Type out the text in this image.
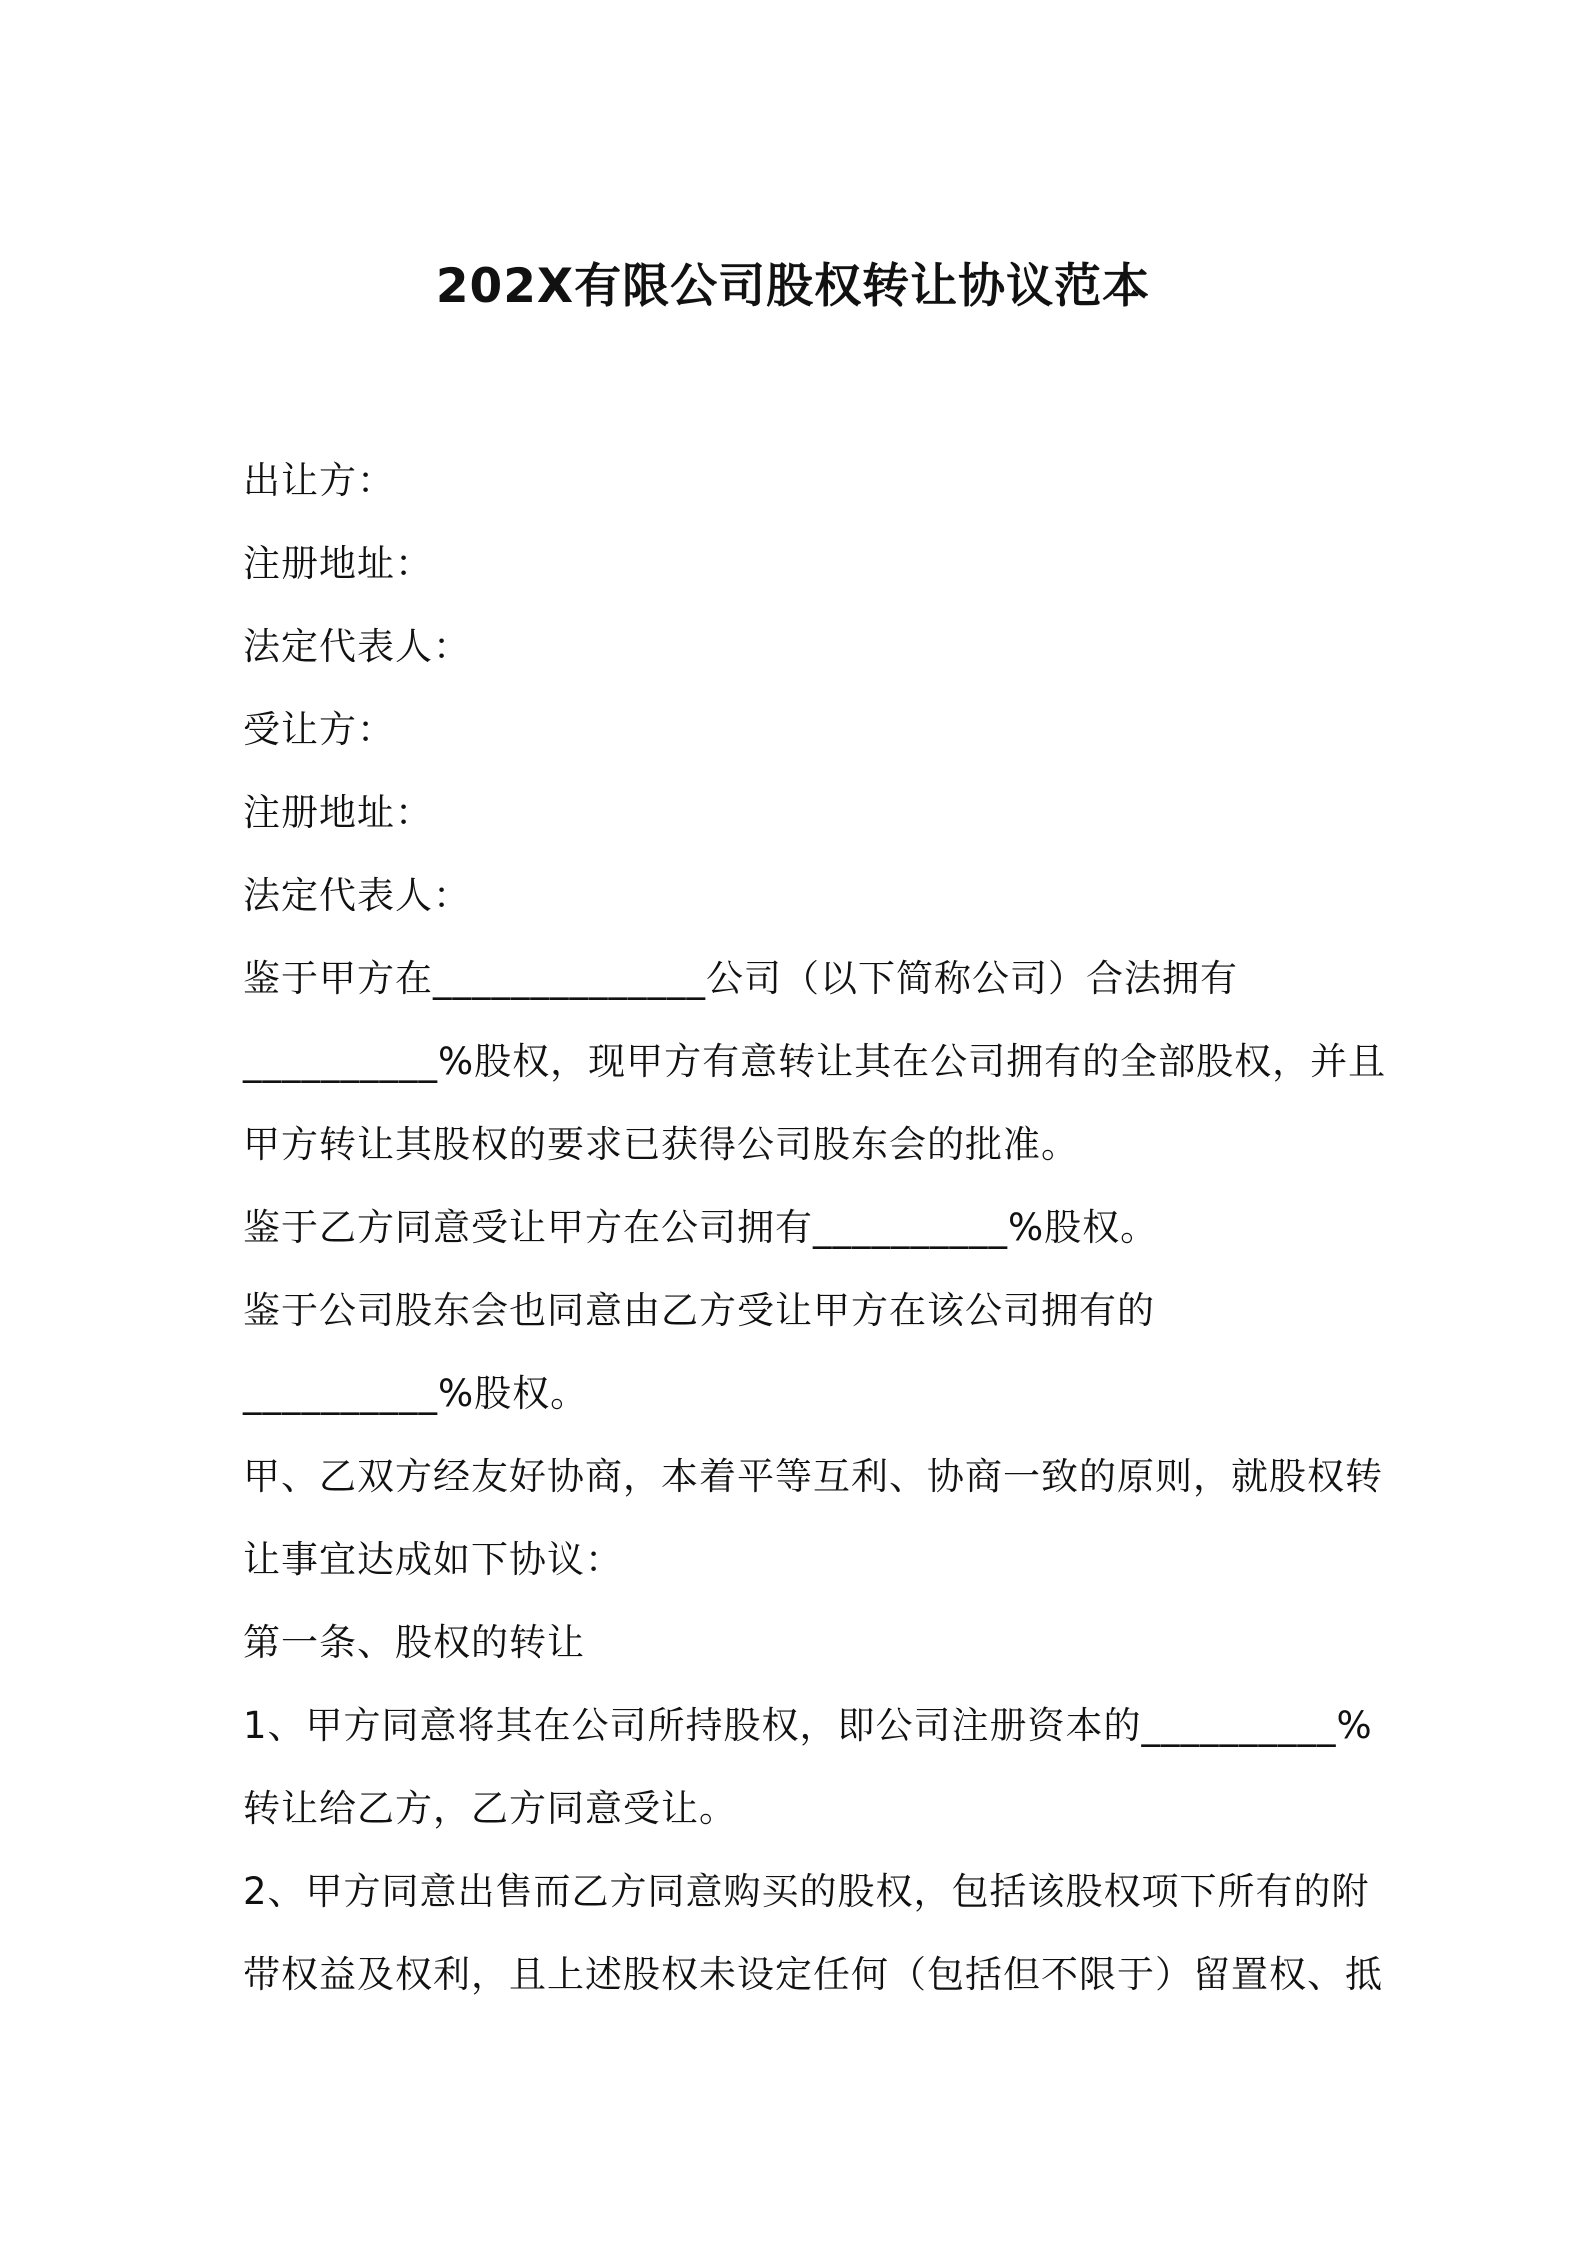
202X有限公司股权转让协议范本
出让方：
注册地址：
法定代表人：
受让方：
注册地址：
法定代表人：
鉴于甲方在______________公司（以下简称公司）合法拥有
__________%股权，现甲方有意转让其在公司拥有的全部股权，并且
甲方转让其股权的要求已获得公司股东会的批准。
鉴于乙方同意受让甲方在公司拥有__________%股权。
鉴于公司股东会也同意由乙方受让甲方在该公司拥有的
__________%股权。
甲、乙双方经友好协商，本着平等互利、协商一致的原则，就股权转
让事宜达成如下协议：
第一条、股权的转让
1、甲方同意将其在公司所持股权，即公司注册资本的__________%
转让给乙方，乙方同意受让。
2、甲方同意出售而乙方同意购买的股权，包括该股权项下所有的附
带权益及权利，且上述股权未设定任何（包括但不限于）留置权、抵
